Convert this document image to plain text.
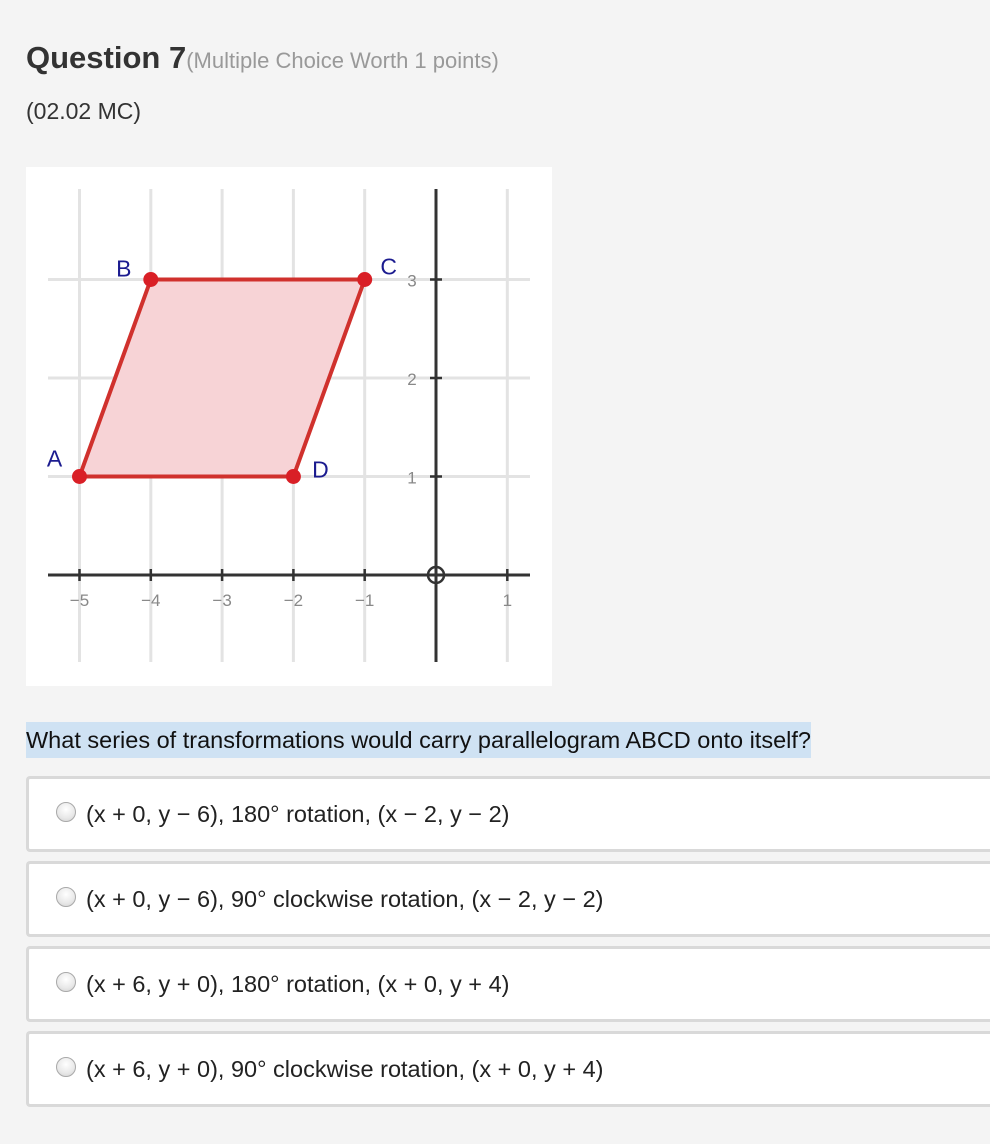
Question 7(Multiple Choice Worth 1 points)
(02.02 MC)
−5	−4	−3	−2	−1	1
1
2
3
A
B	C
D
What series of transformations would carry parallelogram ABCD onto itself?
(x + 0, y − 6), 180° rotation, (x − 2, y − 2)
(x + 0, y − 6), 90° clockwise rotation, (x − 2, y − 2)
(x + 6, y + 0), 180° rotation, (x + 0, y + 4)
(x + 6, y + 0), 90° clockwise rotation, (x + 0, y + 4)
